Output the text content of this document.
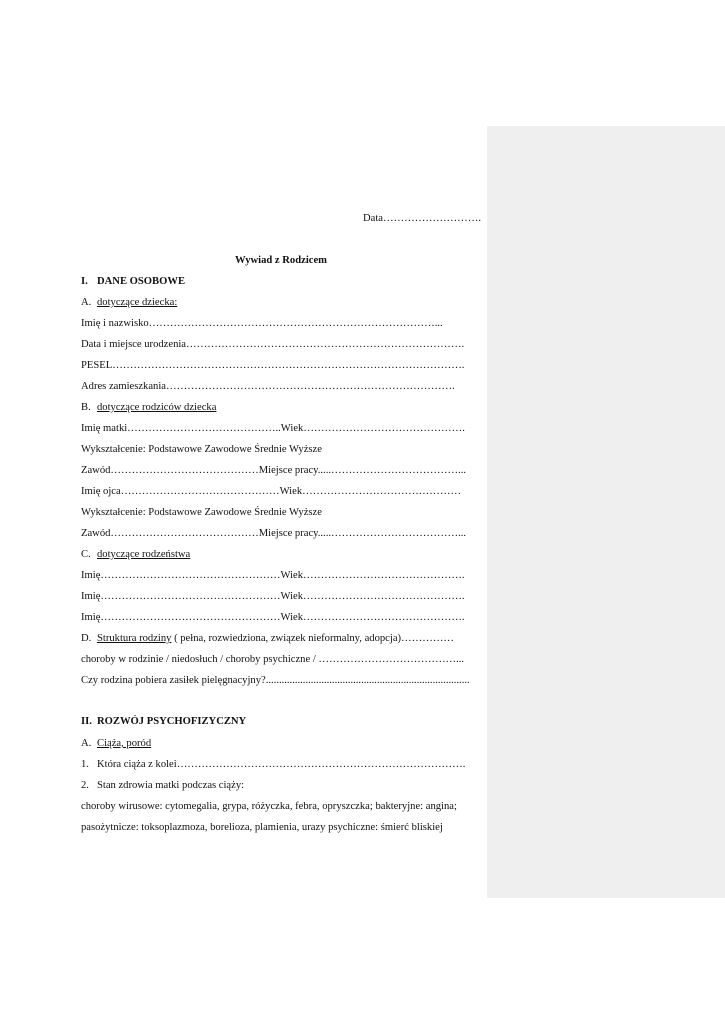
Data……………………….
Wywiad z Rodzicem
I. DANE OSOBOWE
A. dotyczące dziecka:
Imię i nazwisko………………………………………………………………………...
Data i miejsce urodzenia…………………………………………………………………….
PESEL……………………………………………………………………………………….
Adres zamieszkania……………………………………………………………………….
B. dotyczące rodziców dziecka
Imię matki……………………………………..Wiek……………………………………….
Wykształcenie: Podstawowe Zawodowe Średnie Wyższe
Zawód……………………………………Miejsce pracy.....………………………………...
Imię ojca………………………………………Wiek………………………………………
Wykształcenie: Podstawowe Zawodowe Średnie Wyższe
Zawód……………………………………Miejsce pracy.....………………………………...
C. dotyczące rodzeństwa
Imię……………………………………………Wiek……………………………………….
Imię……………………………………………Wiek……………………………………….
Imię……………………………………………Wiek……………………………………….
D. Struktura rodziny ( pełna, rozwiedziona, związek nieformalny, adopcja)……………
choroby w rodzinie / niedosłuch / choroby psychiczne / …………………………………...
Czy rodzina pobiera zasiłek pielęgnacyjny?.............................................................................
II. ROZWÓJ PSYCHOFIZYCZNY
A. Ciąża, poród
1. Która ciąża z kolei……………………………………………………………………….
2. Stan zdrowia matki podczas ciąży:
choroby wirusowe: cytomegalia, grypa, różyczka, febra, opryszczka; bakteryjne: angina;
pasożytnicze: toksoplazmoza, borelioza, plamienia, urazy psychiczne: śmierć bliskiej
